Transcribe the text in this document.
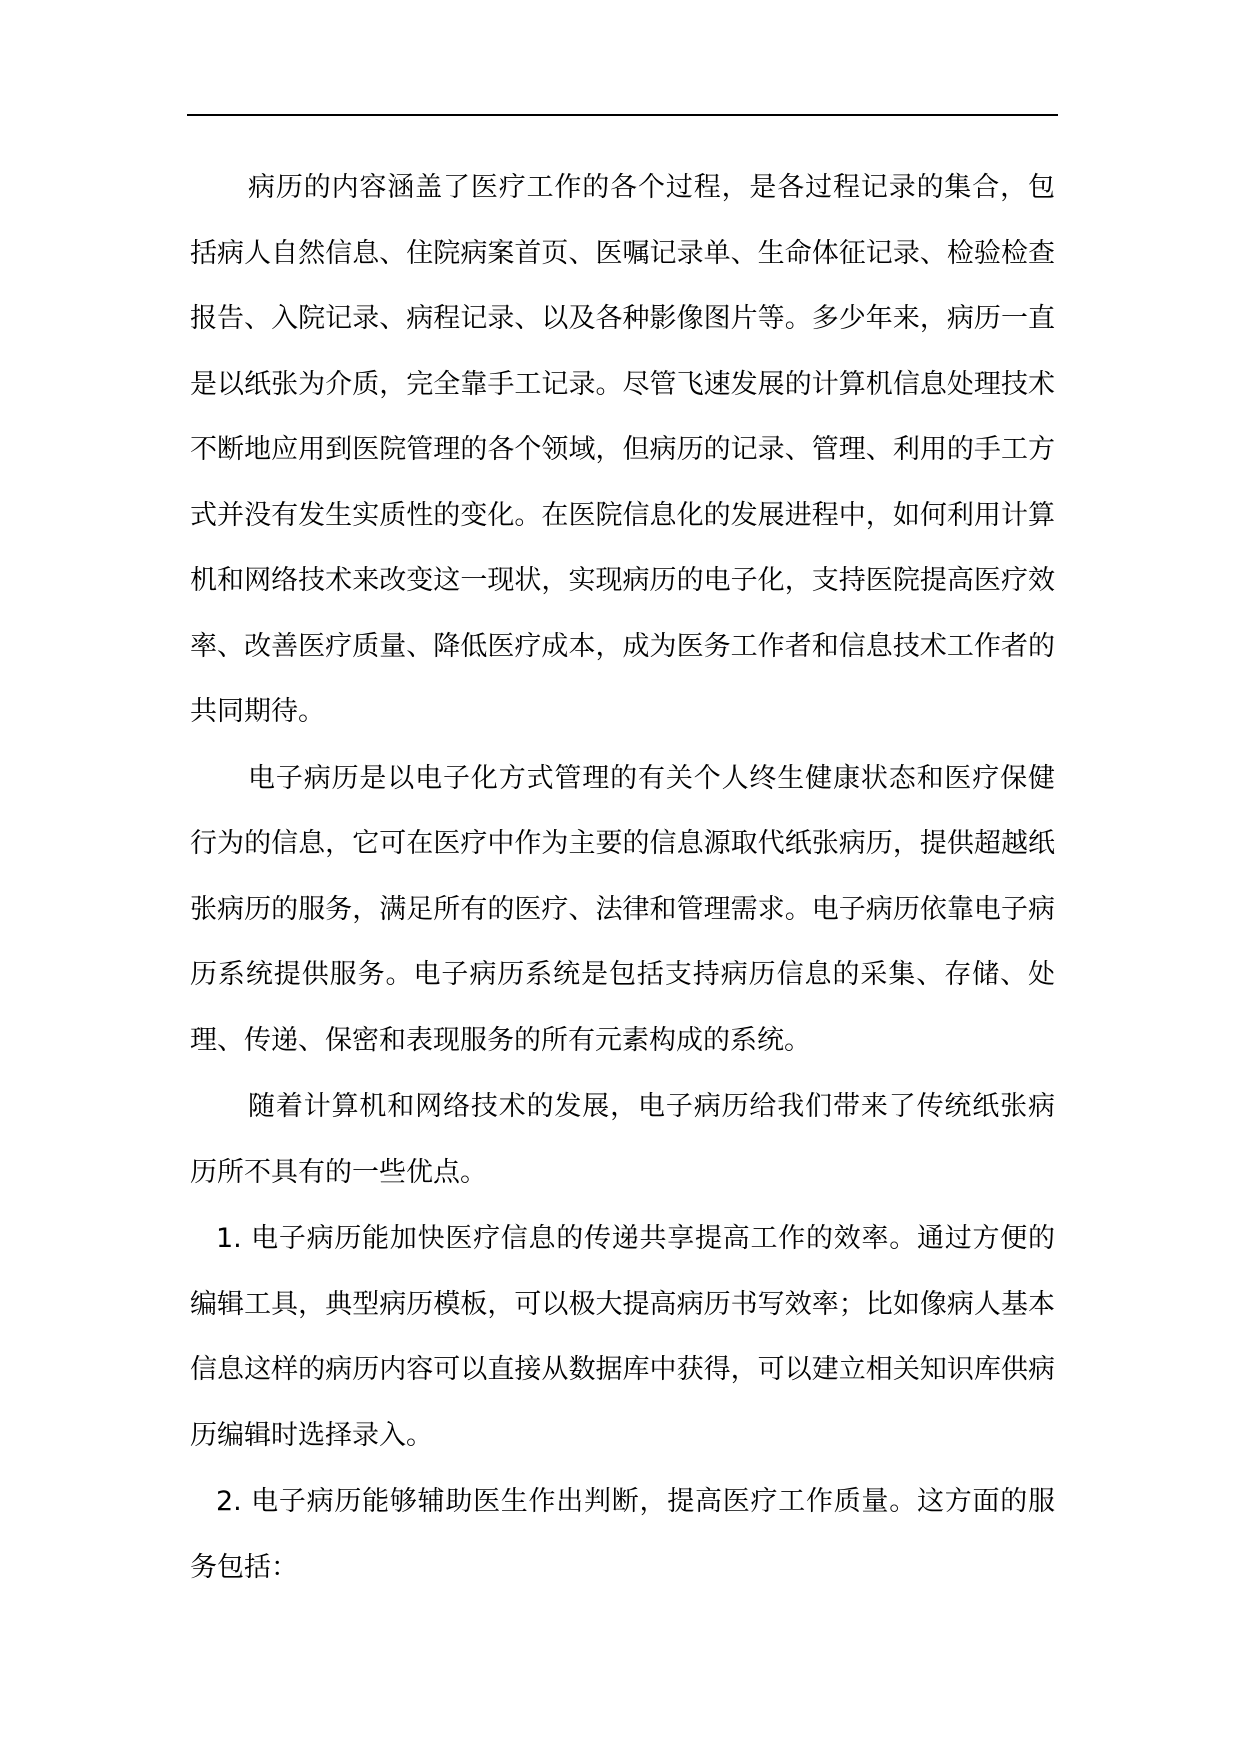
病历的内容涵盖了医疗工作的各个过程，是各过程记录的集合，包括病人自然信息、住院病案首页、医嘱记录单、生命体征记录、检验检查报告、入院记录、病程记录、以及各种影像图片等。多少年来，病历一直是以纸张为介质，完全靠手工记录。尽管飞速发展的计算机信息处理技术不断地应用到医院管理的各个领域，但病历的记录、管理、利用的手工方式并没有发生实质性的变化。在医院信息化的发展进程中，如何利用计算机和网络技术来改变这一现状，实现病历的电子化，支持医院提高医疗效率、改善医疗质量、降低医疗成本，成为医务工作者和信息技术工作者的共同期待。

电子病历是以电子化方式管理的有关个人终生健康状态和医疗保健行为的信息，它可在医疗中作为主要的信息源取代纸张病历，提供超越纸张病历的服务，满足所有的医疗、法律和管理需求。电子病历依靠电子病历系统提供服务。电子病历系统是包括支持病历信息的采集、存储、处理、传递、保密和表现服务的所有元素构成的系统。

随着计算机和网络技术的发展，电子病历给我们带来了传统纸张病历所不具有的一些优点。

1. 电子病历能加快医疗信息的传递共享提高工作的效率。通过方便的编辑工具，典型病历模板，可以极大提高病历书写效率；比如像病人基本信息这样的病历内容可以直接从数据库中获得，可以建立相关知识库供病历编辑时选择录入。

2. 电子病历能够辅助医生作出判断，提高医疗工作质量。这方面的服务包括：
